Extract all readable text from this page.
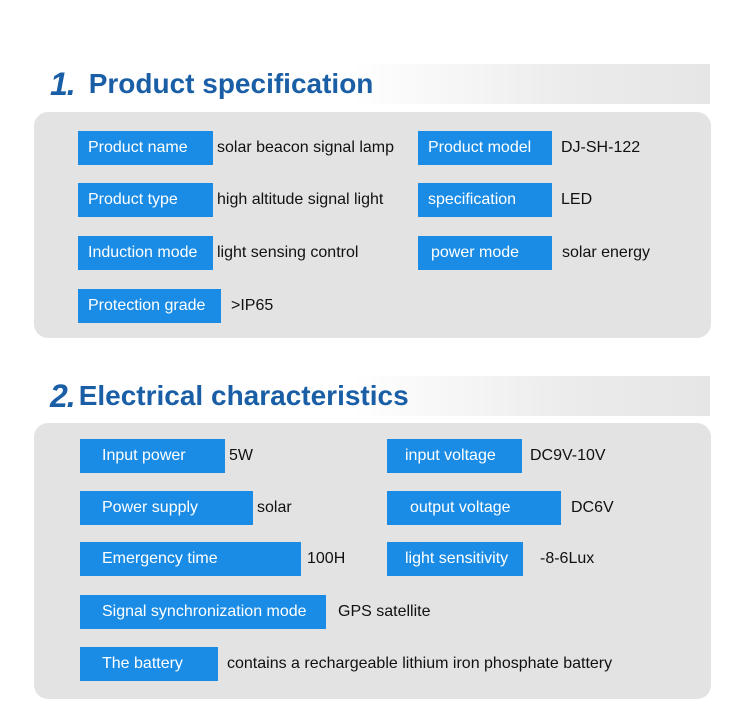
1. Product specification
Product name	solar beacon signal lamp	Product model	DJ-SH-122
Product type	high altitude signal light	specification	LED
Induction mode	light sensing control	power mode	solar energy
Protection grade	>IP65
2. Electrical characteristics
Input power	5W	input voltage	DC9V-10V
Power supply	solar	output voltage	DC6V
Emergency time	100H	light sensitivity	-8-6Lux
Signal synchronization mode	GPS satellite
The battery	contains a rechargeable lithium iron phosphate battery
